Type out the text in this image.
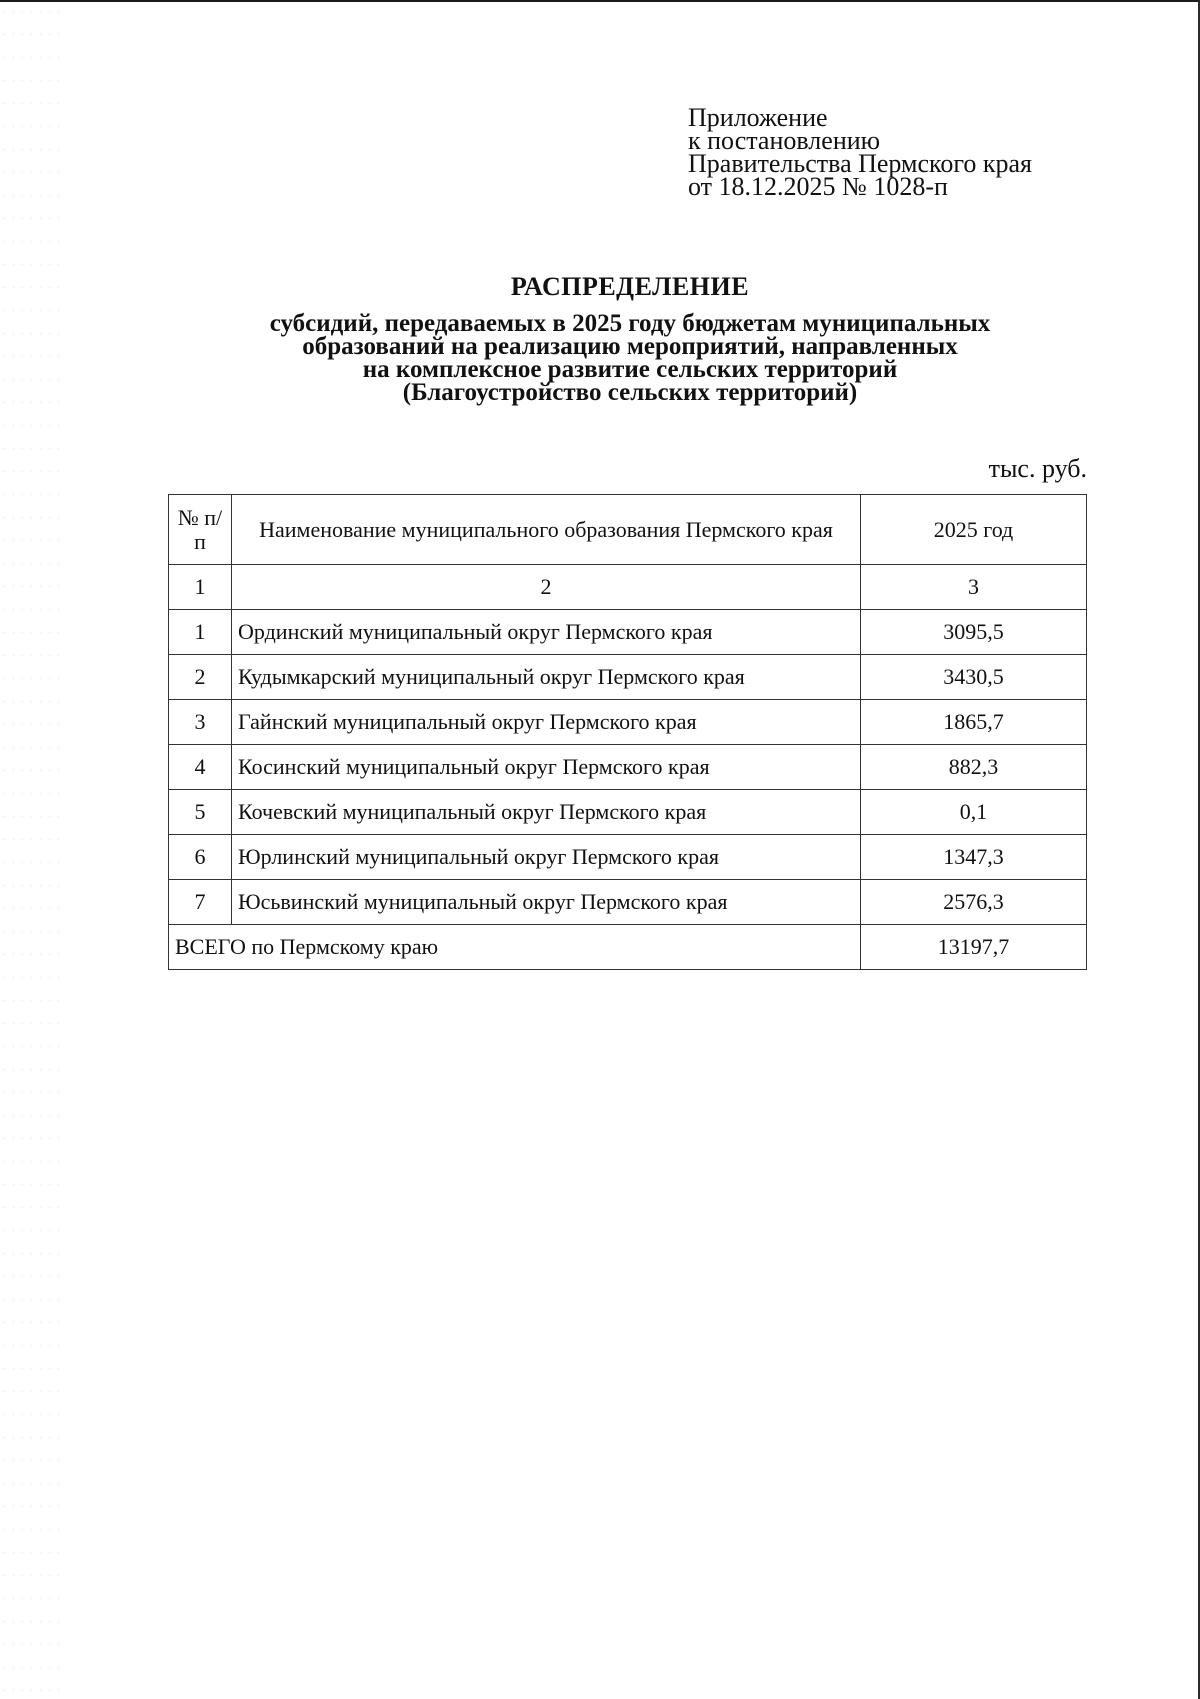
Приложение
к постановлению
Правительства Пермского края
от 18.12.2025 № 1028-п
РАСПРЕДЕЛЕНИЕ
субсидий, передаваемых в 2025 году бюджетам муниципальных
образований на реализацию мероприятий, направленных
на комплексное развитие сельских территорий
(Благоустройство сельских территорий)
тыс. руб.
№ п/п	Наименование муниципального образования Пермского края	2025 год
1	2	3
1	Ординский муниципальный округ Пермского края	3095,5
2	Кудымкарский муниципальный округ Пермского края	3430,5
3	Гайнский муниципальный округ Пермского края	1865,7
4	Косинский муниципальный округ Пермского края	882,3
5	Кочевский муниципальный округ Пермского края	0,1
6	Юрлинский муниципальный округ Пермского края	1347,3
7	Юсьвинский муниципальный округ Пермского края	2576,3
ВСЕГО по Пермскому краю		13197,7
